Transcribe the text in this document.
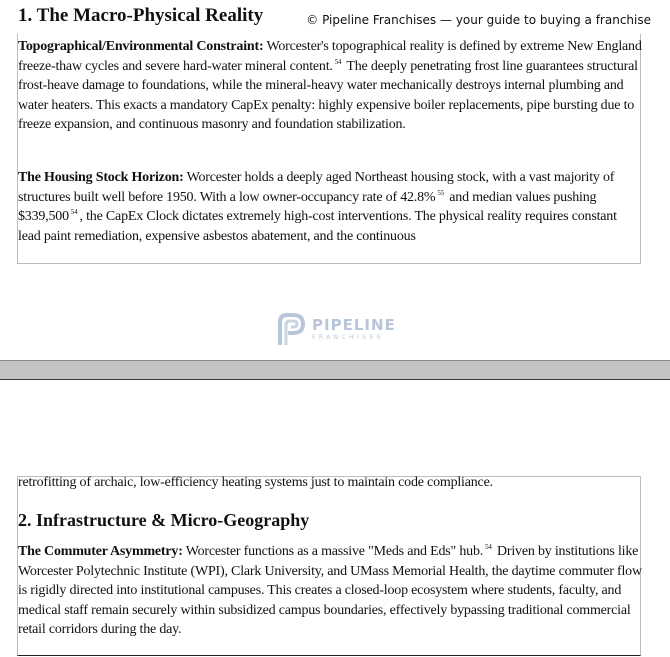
1. The Macro-Physical Reality	© Pipeline Franchises — your guide to buying a franchise

Topographical/Environmental Constraint: Worcester's topographical reality is defined by extreme New England freeze-thaw cycles and severe hard-water mineral content. $^{54}$ The deeply penetrating frost line guarantees structural frost-heave damage to foundations, while the mineral-heavy water mechanically destroys internal plumbing and water heaters. This exacts a mandatory CapEx penalty: highly expensive boiler replacements, pipe bursting due to freeze expansion, and continuous masonry and foundation stabilization.

The Housing Stock Horizon: Worcester holds a deeply aged Northeast housing stock, with a vast majority of structures built well before 1950. With a low owner-occupancy rate of 42.8% $^{55}$ and median values pushing $339,500 $^{54}$ , the CapEx Clock dictates extremely high-cost interventions. The physical reality requires constant lead paint remediation, expensive asbestos abatement, and the continuous

PIPELINE
FRANCHISES

retrofitting of archaic, low-efficiency heating systems just to maintain code compliance.

2. Infrastructure & Micro-Geography

The Commuter Asymmetry: Worcester functions as a massive "Meds and Eds" hub. $^{54}$ Driven by institutions like Worcester Polytechnic Institute (WPI), Clark University, and UMass Memorial Health, the daytime commuter flow is rigidly directed into institutional campuses. This creates a closed-loop ecosystem where students, faculty, and medical staff remain securely within subsidized campus boundaries, effectively bypassing traditional commercial retail corridors during the day.
